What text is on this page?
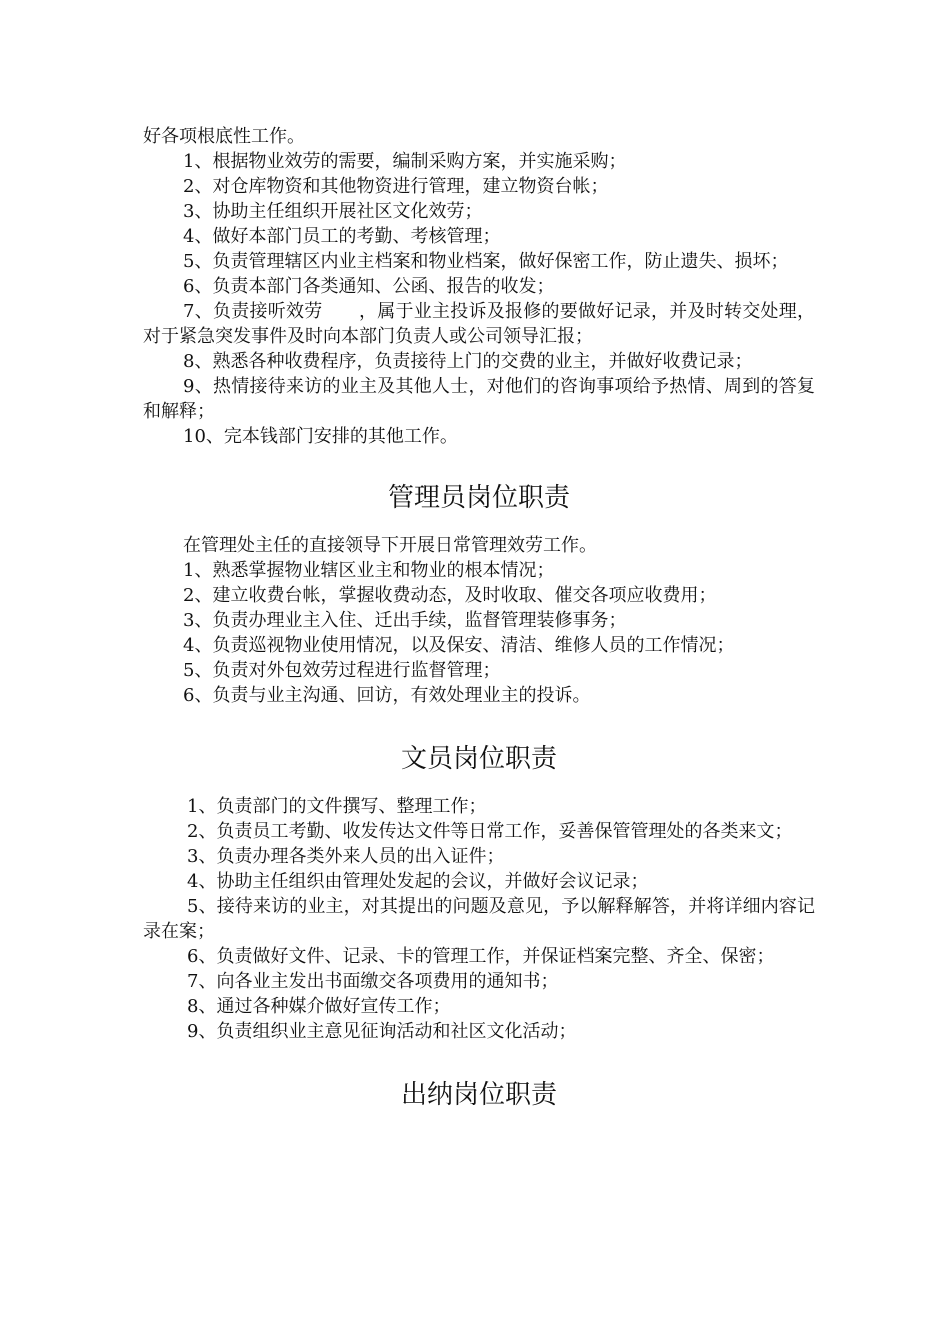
好各项根底性工作。

1、根据物业效劳的需要，编制采购方案，并实施采购；

2、对仓库物资和其他物资进行管理，建立物资台帐；

3、协助主任组织开展社区文化效劳；

4、做好本部门员工的考勤、考核管理；

5、负责管理辖区内业主档案和物业档案，做好保密工作，防止遗失、损坏；

6、负责本部门各类通知、公函、报告的收发；

7、负责接听效劳　　，属于业主投诉及报修的要做好记录，并及时转交处理，对于紧急突发事件及时向本部门负责人或公司领导汇报；

8、熟悉各种收费程序，负责接待上门的交费的业主，并做好收费记录；

9、热情接待来访的业主及其他人士，对他们的咨询事项给予热情、周到的答复和解释；

10、完本钱部门安排的其他工作。

管理员岗位职责

在管理处主任的直接领导下开展日常管理效劳工作。

1、熟悉掌握物业辖区业主和物业的根本情况；

2、建立收费台帐，掌握收费动态，及时收取、催交各项应收费用；

3、负责办理业主入住、迁出手续，监督管理装修事务；

4、负责巡视物业使用情况，以及保安、清洁、维修人员的工作情况；

5、负责对外包效劳过程进行监督管理；

6、负责与业主沟通、回访，有效处理业主的投诉。

文员岗位职责

1、负责部门的文件撰写、整理工作；

2、负责员工考勤、收发传达文件等日常工作，妥善保管管理处的各类来文；

3、负责办理各类外来人员的出入证件；

4、协助主任组织由管理处发起的会议，并做好会议记录；

5、接待来访的业主，对其提出的问题及意见，予以解释解答，并将详细内容记录在案；

6、负责做好文件、记录、卡的管理工作，并保证档案完整、齐全、保密；

7、向各业主发出书面缴交各项费用的通知书；

8、通过各种媒介做好宣传工作；

9、负责组织业主意见征询活动和社区文化活动；

出纳岗位职责
